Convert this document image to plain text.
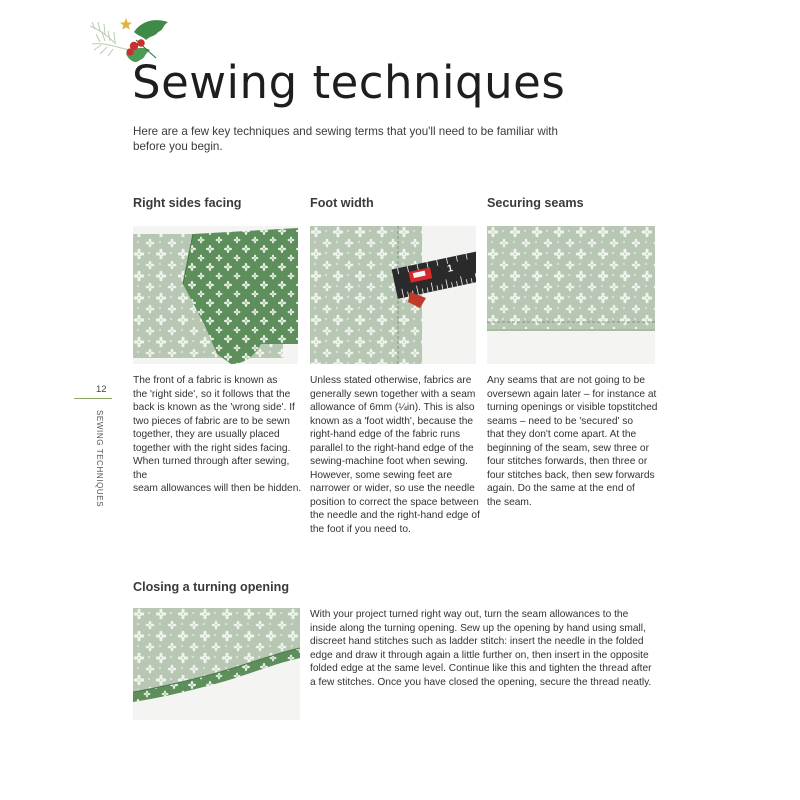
Sewing techniques

Here are a few key techniques and sewing terms that you'll need to be familiar with before you begin.

Right sides facing
The front of a fabric is known as
the 'right side', so it follows that the
back is known as the 'wrong side'. If
two pieces of fabric are to be sewn
together, they are usually placed
together with the right sides facing.
When turned through after sewing, the
seam allowances will then be hidden.
Foot width
1
Unless stated otherwise, fabrics are
generally sewn together with a seam
allowance of 6mm (¼in). This is also
known as a 'foot width', because the
right-hand edge of the fabric runs
parallel to the right-hand edge of the
sewing-machine foot when sewing.
However, some sewing feet are
narrower or wider, so use the needle
position to correct the space between
the needle and the right-hand edge of
the foot if you need to.
Securing seams
Any seams that are not going to be
oversewn again later – for instance at
turning openings or visible topstitched
seams – need to be 'secured' so
that they don't come apart. At the
beginning of the seam, sew three or
four stitches forwards, then three or
four stitches back, then sew forwards
again. Do the same at the end of
the seam.
Closing a turning opening
With your project turned right way out, turn the seam allowances to the
inside along the turning opening. Sew up the opening by hand using small,
discreet hand stitches such as ladder stitch: insert the needle in the folded
edge and draw it through again a little further on, then insert in the opposite
folded edge at the same level. Continue like this and tighten the thread after
a few stitches. Once you have closed the opening, secure the thread neatly.
12
SEWING TECHNIQUES
